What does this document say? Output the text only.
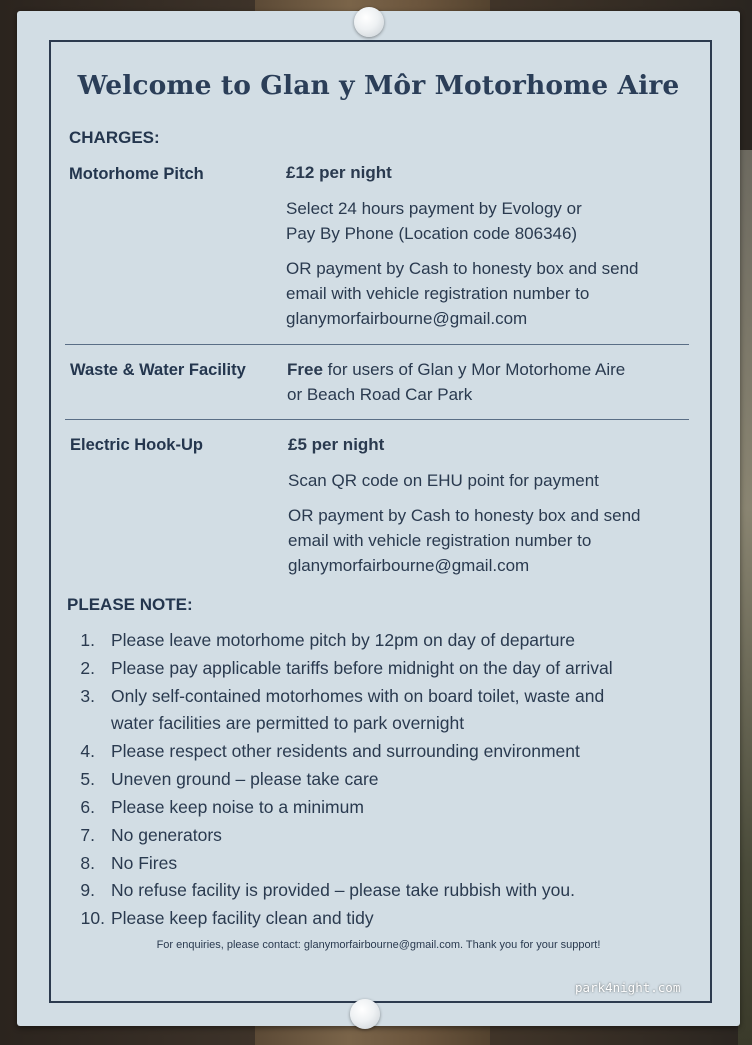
Welcome to Glan y Môr Motorhome Aire
CHARGES:
Motorhome Pitch	£12 per night
Select 24 hours payment by Evology or
Pay By Phone (Location code 806346)
OR payment by Cash to honesty box and send
email with vehicle registration number to
glanymorfairbourne@gmail.com
Waste & Water Facility Free for users of Glan y Mor Motorhome Aire
or Beach Road Car Park
Electric Hook-Up	£5 per night
Scan QR code on EHU point for payment
OR payment by Cash to honesty box and send
email with vehicle registration number to
glanymorfairbourne@gmail.com
PLEASE NOTE:
1. Please leave motorhome pitch by 12pm on day of departure
2. Please pay applicable tariffs before midnight on the day of arrival
3. Only self-contained motorhomes with on board toilet, waste and
water facilities are permitted to park overnight
4. Please respect other residents and surrounding environment
5. Uneven ground – please take care
6. Please keep noise to a minimum
7. No generators
8. No Fires
9. No refuse facility is provided – please take rubbish with you.
10. Please keep facility clean and tidy
For enquiries, please contact: glanymorfairbourne@gmail.com. Thank you for your support!
park4night.com
